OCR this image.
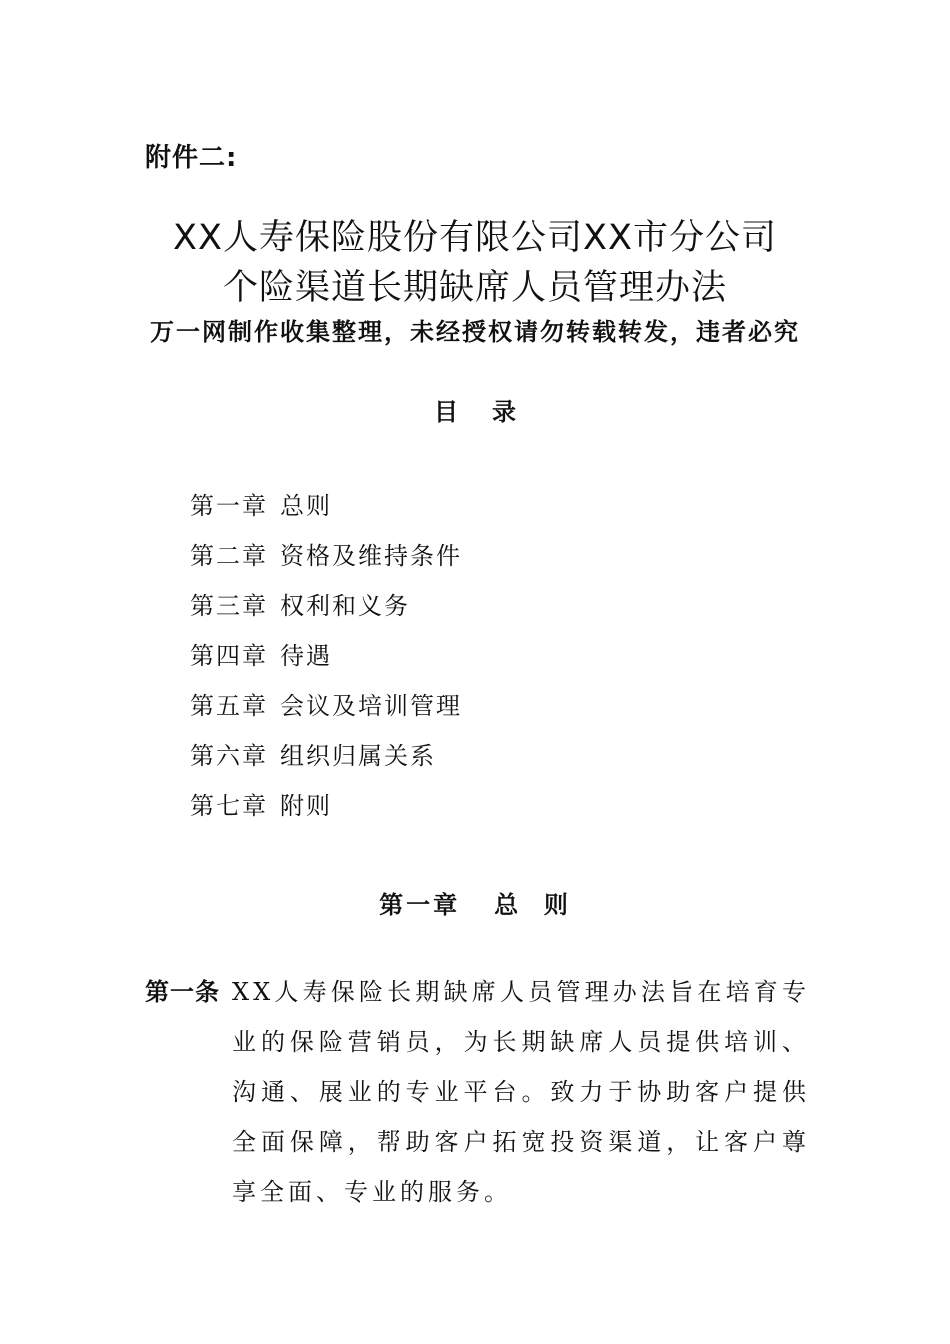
附件二:
XX人寿保险股份有限公司XX市分公司
个险渠道长期缺席人员管理办法
万一网制作收集整理，未经授权请勿转载转发，违者必究
目录
第一章 总则
第二章 资格及维持条件
第三章 权利和义务
第四章 待遇
第五章 会议及培训管理
第六章 组织归属关系
第七章 附则
第一章   总  则
第一条 XX人寿保险长期缺席人员管理办法旨在培育专业的保险营销员，为长期缺席人员提供培训、沟通、展业的专业平台。致力于协助客户提供全面保障，帮助客户拓宽投资渠道，让客户尊享全面、专业的服务。
